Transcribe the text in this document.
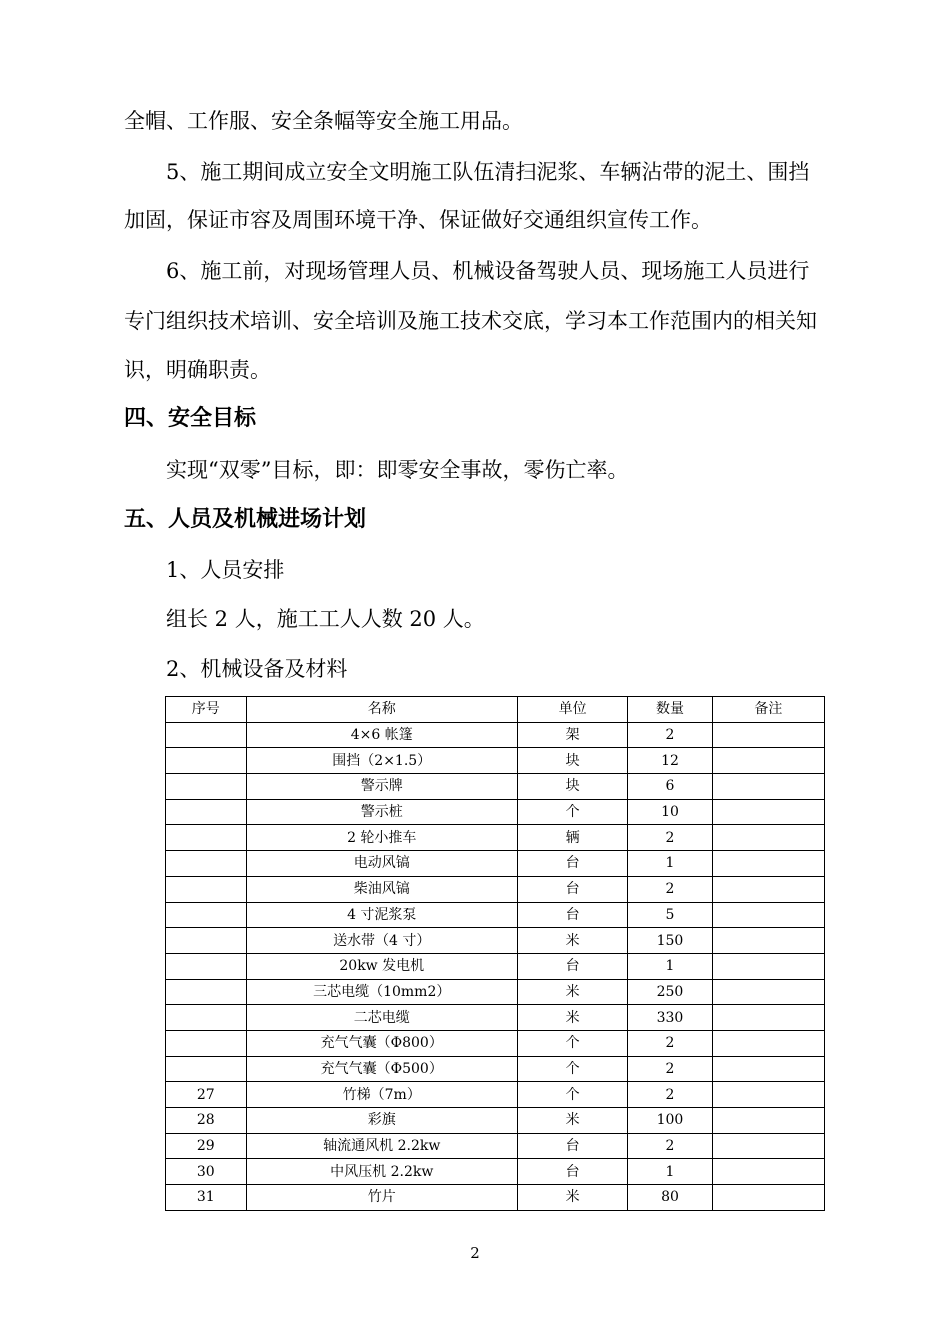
全帽、工作服、安全条幅等安全施工用品。
5、施工期间成立安全文明施工队伍清扫泥浆、车辆沾带的泥土、围挡
加固，保证市容及周围环境干净、保证做好交通组织宣传工作。
6、施工前，对现场管理人员、机械设备驾驶人员、现场施工人员进行
专门组织技术培训、安全培训及施工技术交底，学习本工作范围内的相关知
识，明确职责。
四、安全目标
实现“双零”目标，即：即零安全事故，零伤亡率。
五、人员及机械进场计划
1、人员安排
组长 2 人，施工工人人数 20 人。
2、机械设备及材料
序号	名称	单位	数量	备注
	4×6 帐篷	架	2	
	围挡（2×1.5）	块	12	
	警示牌	块	6	
	警示桩	个	10	
	2 轮小推车	辆	2	
	电动风镐	台	1	
	柴油风镐	台	2	
	4 寸泥浆泵	台	5	
	送水带（4 寸）	米	150	
	20kw 发电机	台	1	
	三芯电缆（10mm2）	米	250	
	二芯电缆	米	330	
	充气气囊（Φ800）	个	2	
	充气气囊（Φ500）	个	2	
27	竹梯（7m）	个	2	
28	彩旗	米	100	
29	轴流通风机 2.2kw	台	2	
30	中风压机 2.2kw	台	1	
31	竹片	米	80	
2
